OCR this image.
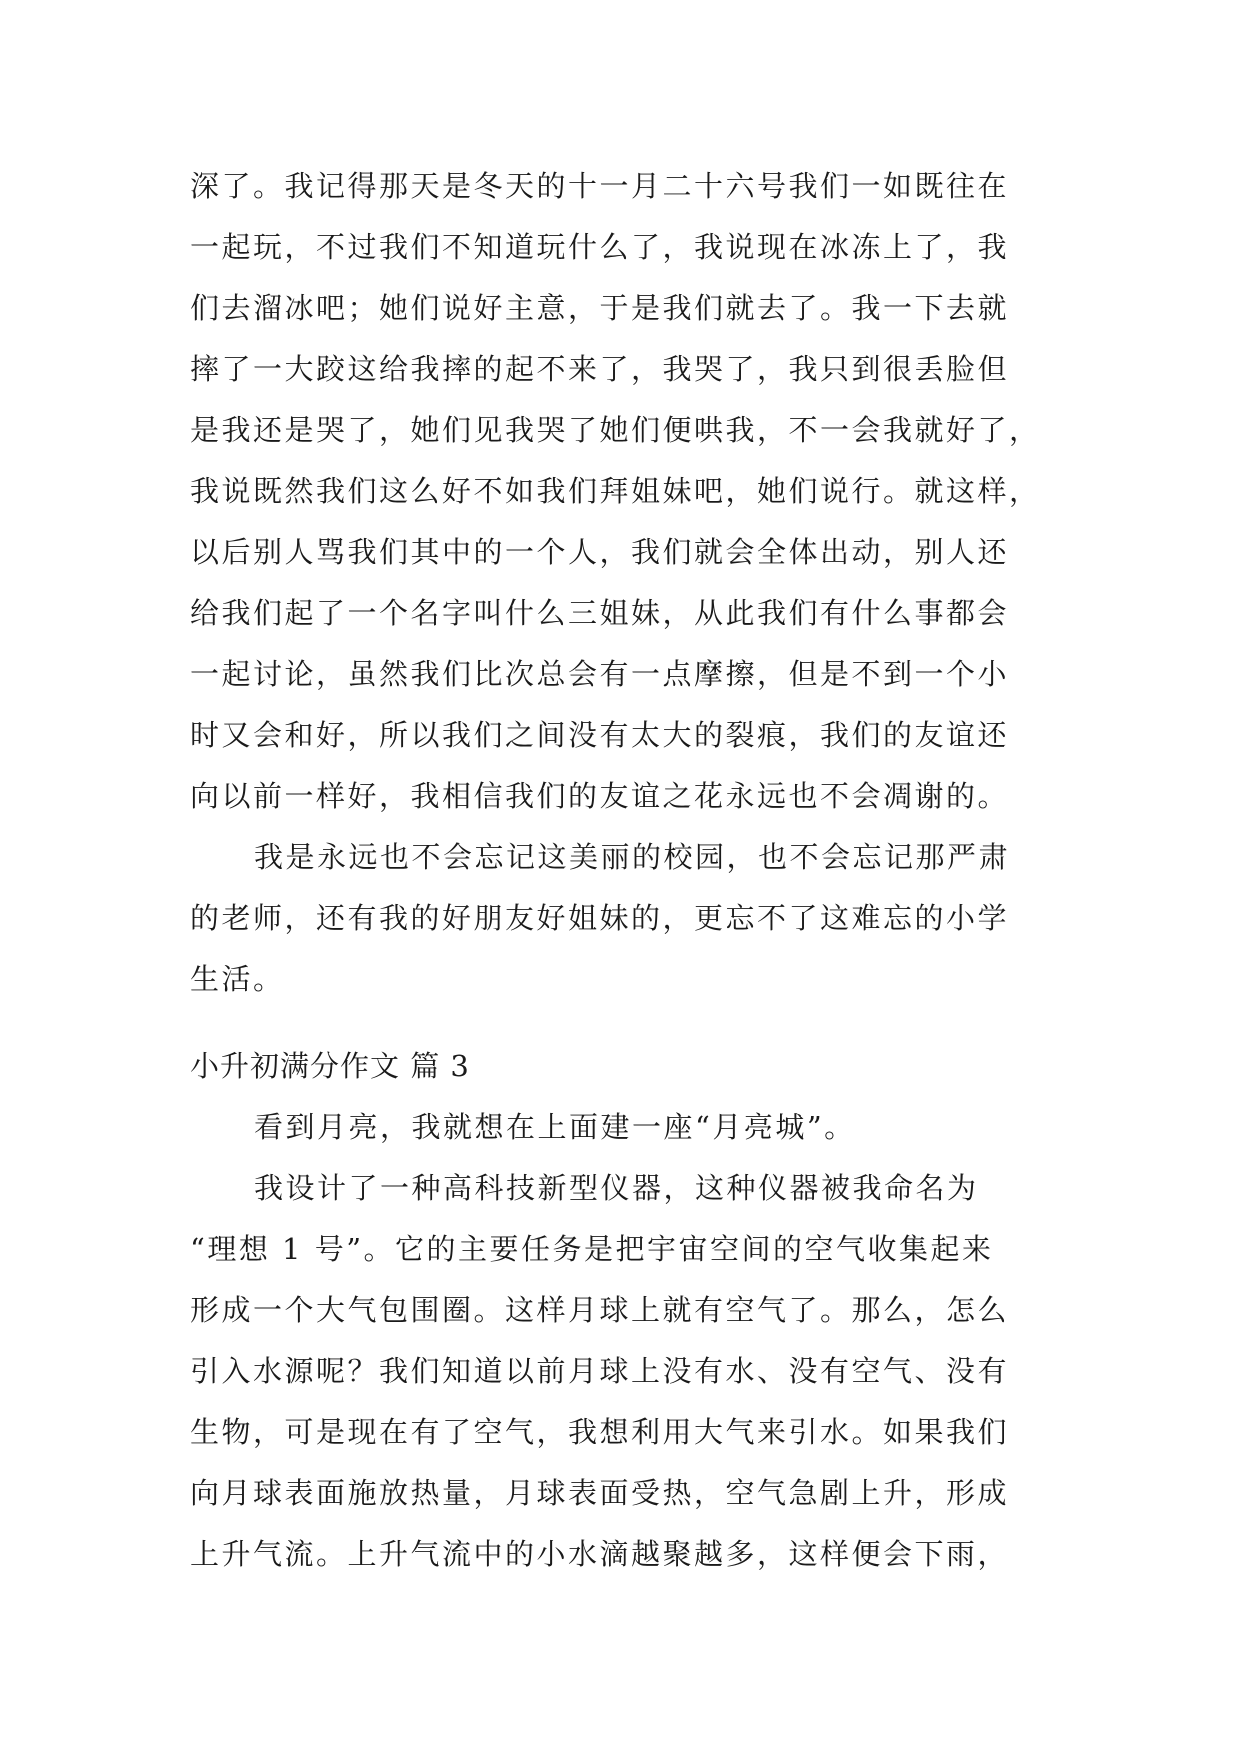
深了。我记得那天是冬天的十一月二十六号我们一如既往在
一起玩，不过我们不知道玩什么了，我说现在冰冻上了，我
们去溜冰吧；她们说好主意，于是我们就去了。我一下去就
摔了一大跤这给我摔的起不来了，我哭了，我只到很丢脸但
是我还是哭了，她们见我哭了她们便哄我，不一会我就好了，
我说既然我们这么好不如我们拜姐妹吧，她们说行。就这样，
以后别人骂我们其中的一个人，我们就会全体出动，别人还
给我们起了一个名字叫什么三姐妹，从此我们有什么事都会
一起讨论，虽然我们比次总会有一点摩擦，但是不到一个小
时又会和好，所以我们之间没有太大的裂痕，我们的友谊还
向以前一样好，我相信我们的友谊之花永远也不会凋谢的。
我是永远也不会忘记这美丽的校园，也不会忘记那严肃
的老师，还有我的好朋友好姐妹的，更忘不了这难忘的小学
生活。
小升初满分作文 篇 3
看到月亮，我就想在上面建一座“月亮城”。
我设计了一种高科技新型仪器，这种仪器被我命名为
“理想 1 号”。它的主要任务是把宇宙空间的空气收集起来
形成一个大气包围圈。这样月球上就有空气了。那么，怎么
引入水源呢？我们知道以前月球上没有水、没有空气、没有
生物，可是现在有了空气，我想利用大气来引水。如果我们
向月球表面施放热量，月球表面受热，空气急剧上升，形成
上升气流。上升气流中的小水滴越聚越多，这样便会下雨，
